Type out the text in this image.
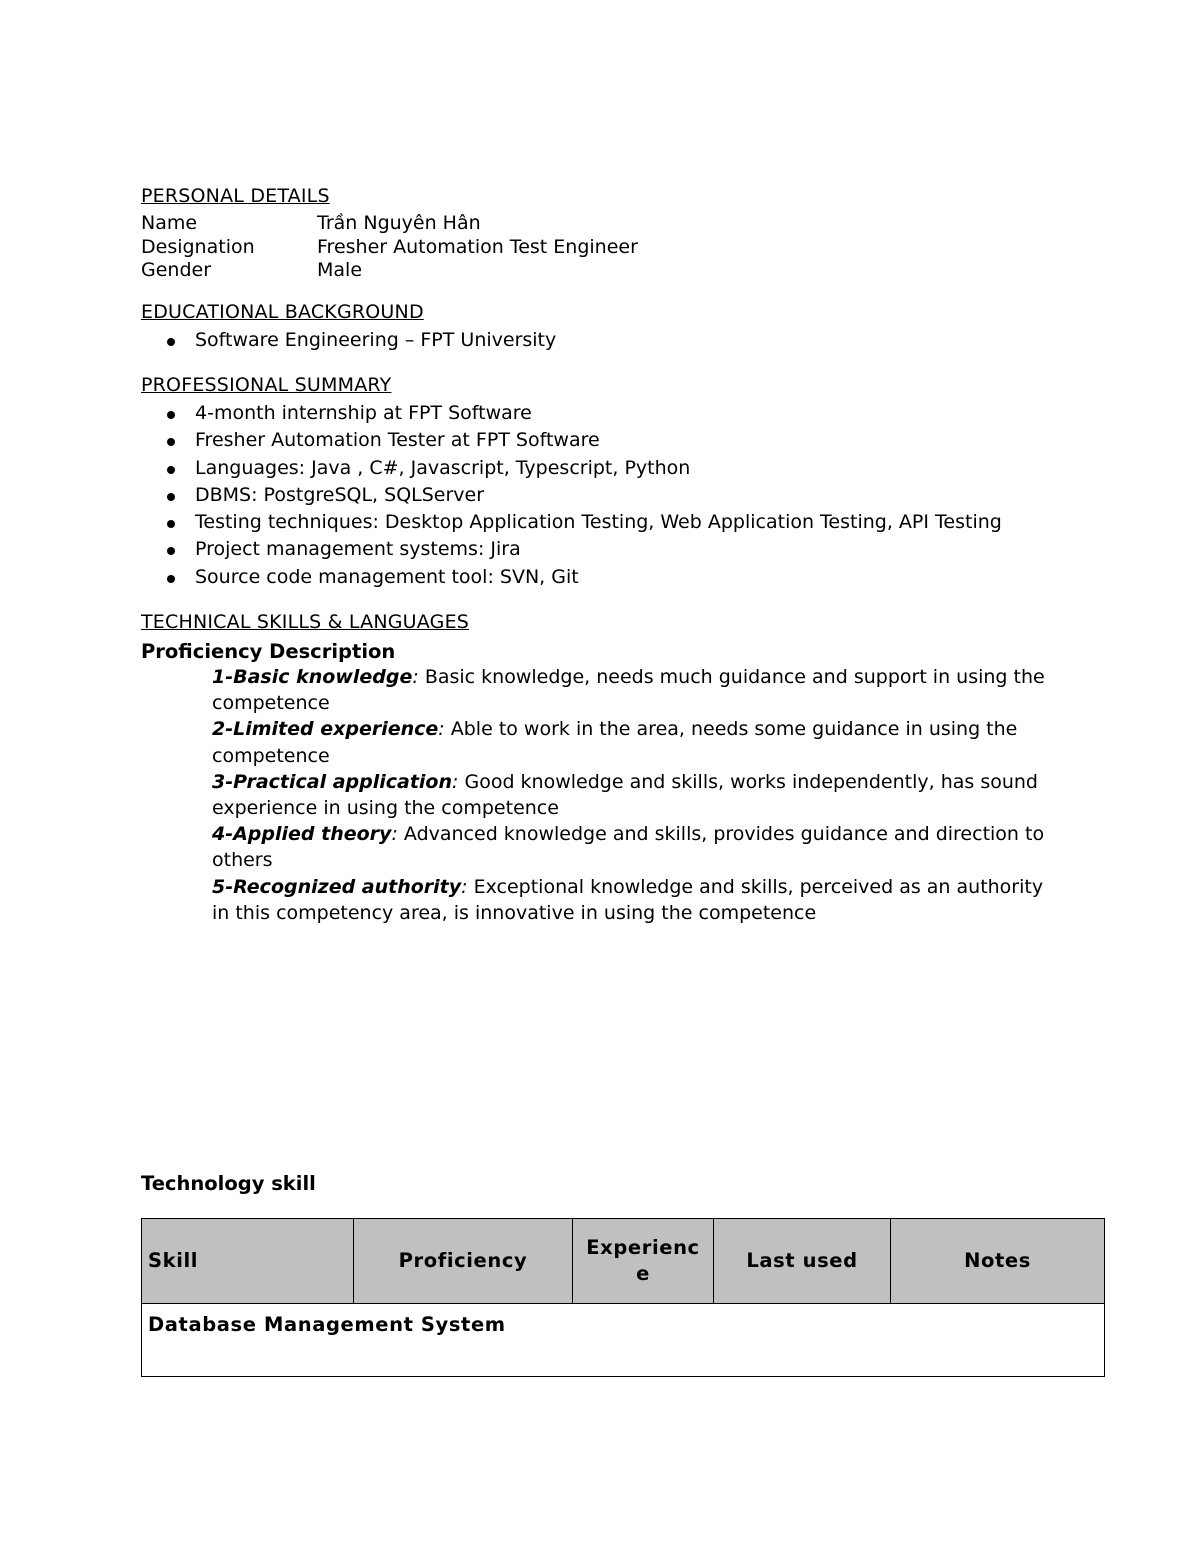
PERSONAL DETAILS
Name	Trần Nguyên Hân
Designation	Fresher Automation Test Engineer
Gender	Male
EDUCATIONAL BACKGROUND
Software Engineering – FPT University
PROFESSIONAL SUMMARY
4-month internship at FPT Software
Fresher Automation Tester at FPT Software
Languages: Java , C#, Javascript, Typescript, Python
DBMS: PostgreSQL, SQLServer
Testing techniques: Desktop Application Testing, Web Application Testing, API Testing
Project management systems: Jira
Source code management tool: SVN, Git
TECHNICAL SKILLS & LANGUAGES
Proficiency Description
1-Basic knowledge: Basic knowledge, needs much guidance and support in using the competence
2-Limited experience: Able to work in the area, needs some guidance in using the competence
3-Practical application: Good knowledge and skills, works independently, has sound experience in using the competence
4-Applied theory: Advanced knowledge and skills, provides guidance and direction to others
5-Recognized authority: Exceptional knowledge and skills, perceived as an authority in this competency area, is innovative in using the competence
Technology skill
Skill	Proficiency	Experienc e	Last used	Notes
Database Management System
